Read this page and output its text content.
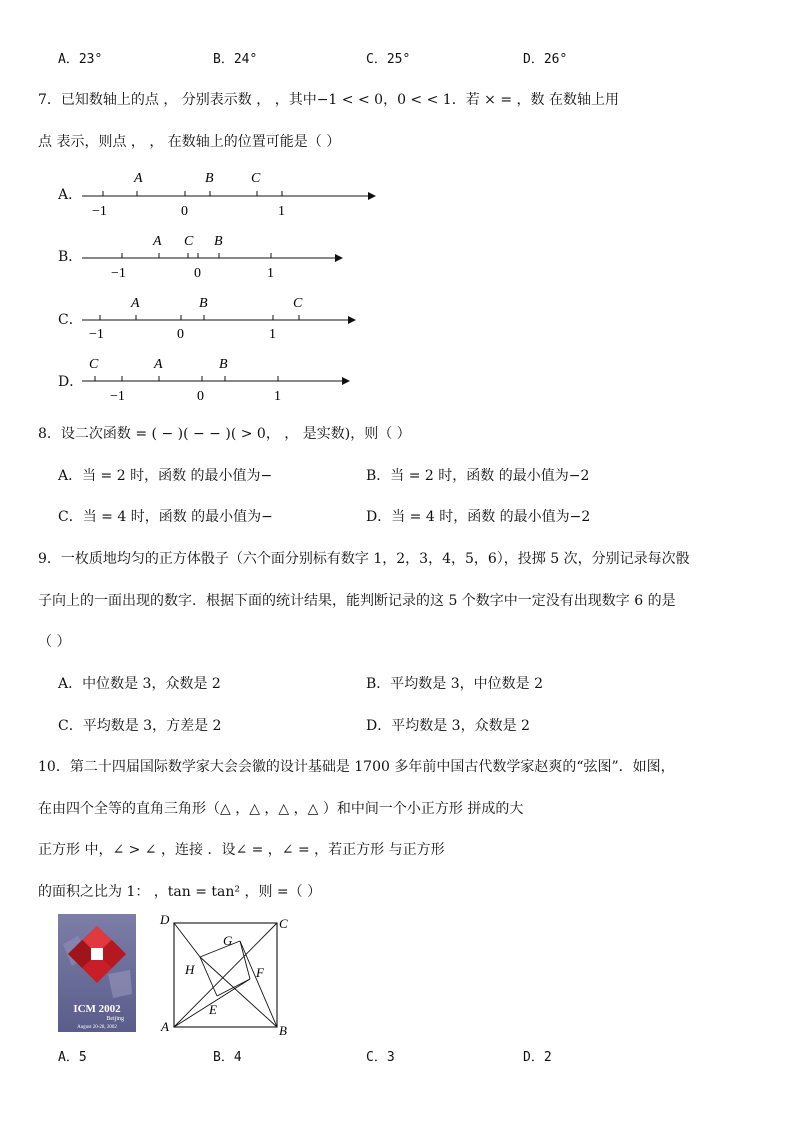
A．23°	B．24°	C．25°	D．26°
7．已知数轴上的点 ， 分别表示数 ， ，其中−1 < < 0，0 < < 1．若 × = ，数 在数轴上用
点 表示，则点 ， ， 在数轴上的位置可能是（ ）
A．
B．
C．
D．
A	B	C
−1	0	1
A	B
C
−1	0	1
A	B	C
−1	0	1
A	B
C
−1	0	1
8．设二次函数 = ( − )( − − )( > 0， ， 是实数)，则（ ）
A．当 = 2 时，函数 的最小值为−	B．当 = 2 时，函数 的最小值为−2
C．当 = 4 时，函数 的最小值为−	D．当 = 4 时，函数 的最小值为−2
9．一枚质地均匀的正方体骰子（六个面分别标有数字 1，2，3，4，5，6），投掷 5 次，分别记录每次骰
子向上的一面出现的数字．根据下面的统计结果，能判断记录的这 5 个数字中一定没有出现数字 6 的是
（ ）
A．中位数是 3，众数是 2	B．平均数是 3，中位数是 2
C．平均数是 3，方差是 2	D．平均数是 3，众数是 2
10．第二十四届国际数学家大会会徽的设计基础是 1700 多年前中国古代数学家赵爽的“弦图”．如图，
在由四个全等的直角三角形（△ ，△ ，△ ，△ ）和中间一个小正方形 拼成的大
正方形 中，∠ > ∠ ，连接 ．设∠ = ，∠ = ，若正方形 与正方形
的面积之比为 1： ，tan = tan² ，则 =（ ）
ICM 2002
Beijing
August 20-28, 2002
D	C
G
H	F
E
A	B
A．5	B．4	C．3	D．2
